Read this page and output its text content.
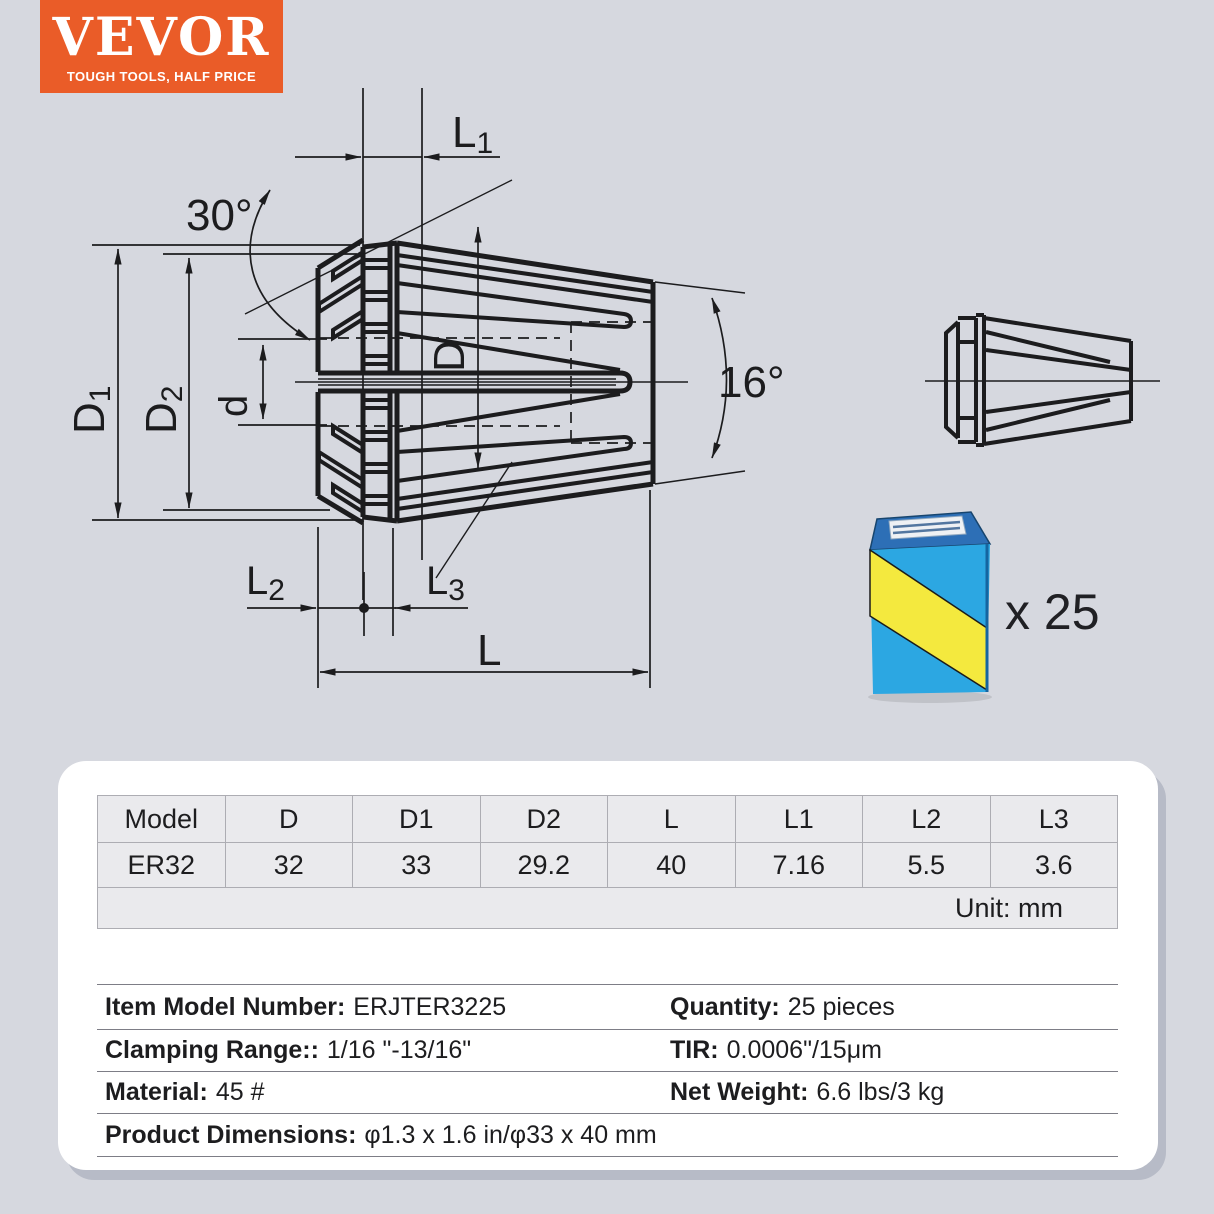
VEVOR
TOUGH TOOLS, HALF PRICE
L1
30°
D1
D2
d
D
16°
L2	L3
L
x 25
Model	D	D1	D2	L	L1	L2	L3
ER32	32	33	29.2	40	7.16	5.5	3.6
Unit: mm							
Item Model Number: ERJTER3225	Quantity: 25 pieces
Clamping Range:: 1/16 "-13/16"	TIR: 0.0006"/15μm
Material: 45 #	Net Weight: 6.6 lbs/3 kg
Product Dimensions: φ1.3 x 1.6 in/φ33 x 40 mm
